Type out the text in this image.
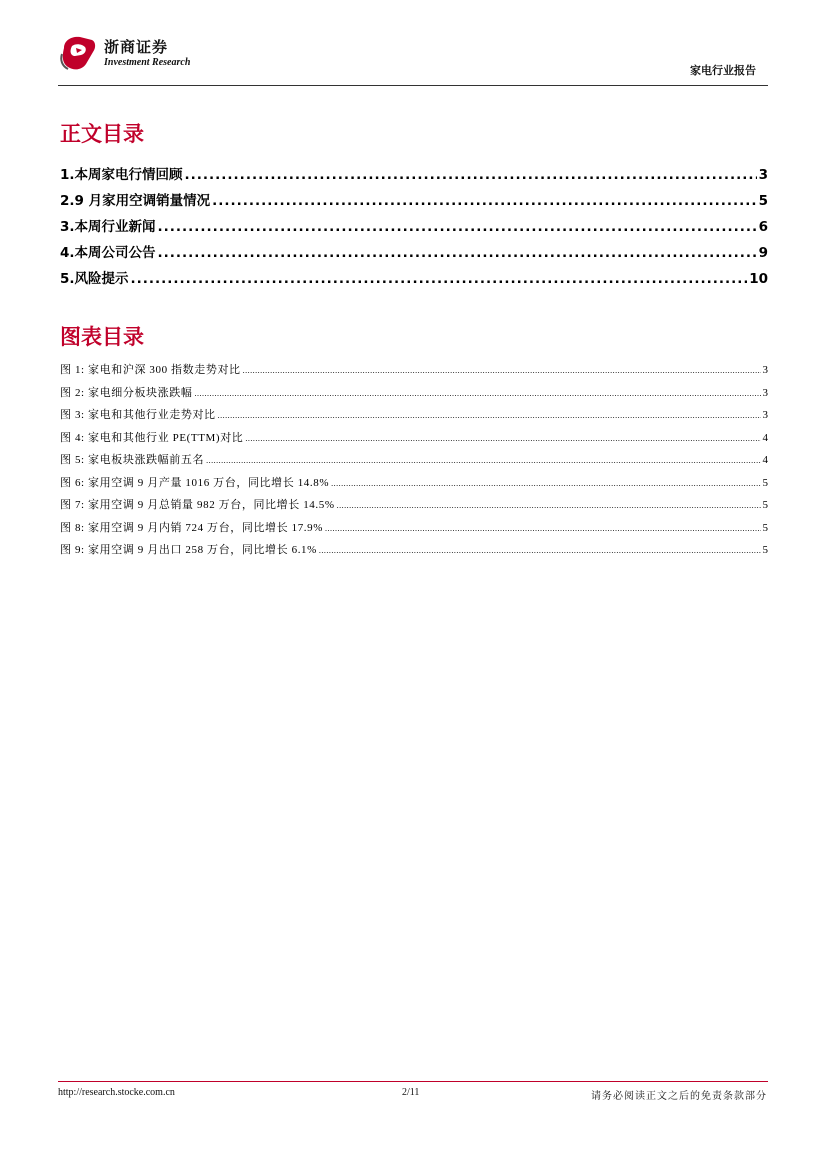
浙商证券
Investment Research
家电行业报告
正文目录
1.本周家电行情回顾 .....	3
2.9 月家用空调销量情况 .....	5
3.本周行业新闻 .....	6
4.本周公司公告 .....	9
5.风险提示 .....	10
图表目录
图 1: 家电和沪深 300 指数走势对比 .....	3
图 2: 家电细分板块涨跌幅 .....	3
图 3: 家电和其他行业走势对比 .....	3
图 4: 家电和其他行业 PE(TTM)对比 .....	4
图 5: 家电板块涨跌幅前五名 .....	4
图 6: 家用空调 9 月产量 1016 万台，同比增长 14.8% .....	5
图 7: 家用空调 9 月总销量 982 万台，同比增长 14.5% .....	5
图 8: 家用空调 9 月内销 724 万台，同比增长 17.9% .....	5
图 9: 家用空调 9 月出口 258 万台，同比增长 6.1% .....	5
http://research.stocke.com.cn	2/11	请务必阅读正文之后的免责条款部分
